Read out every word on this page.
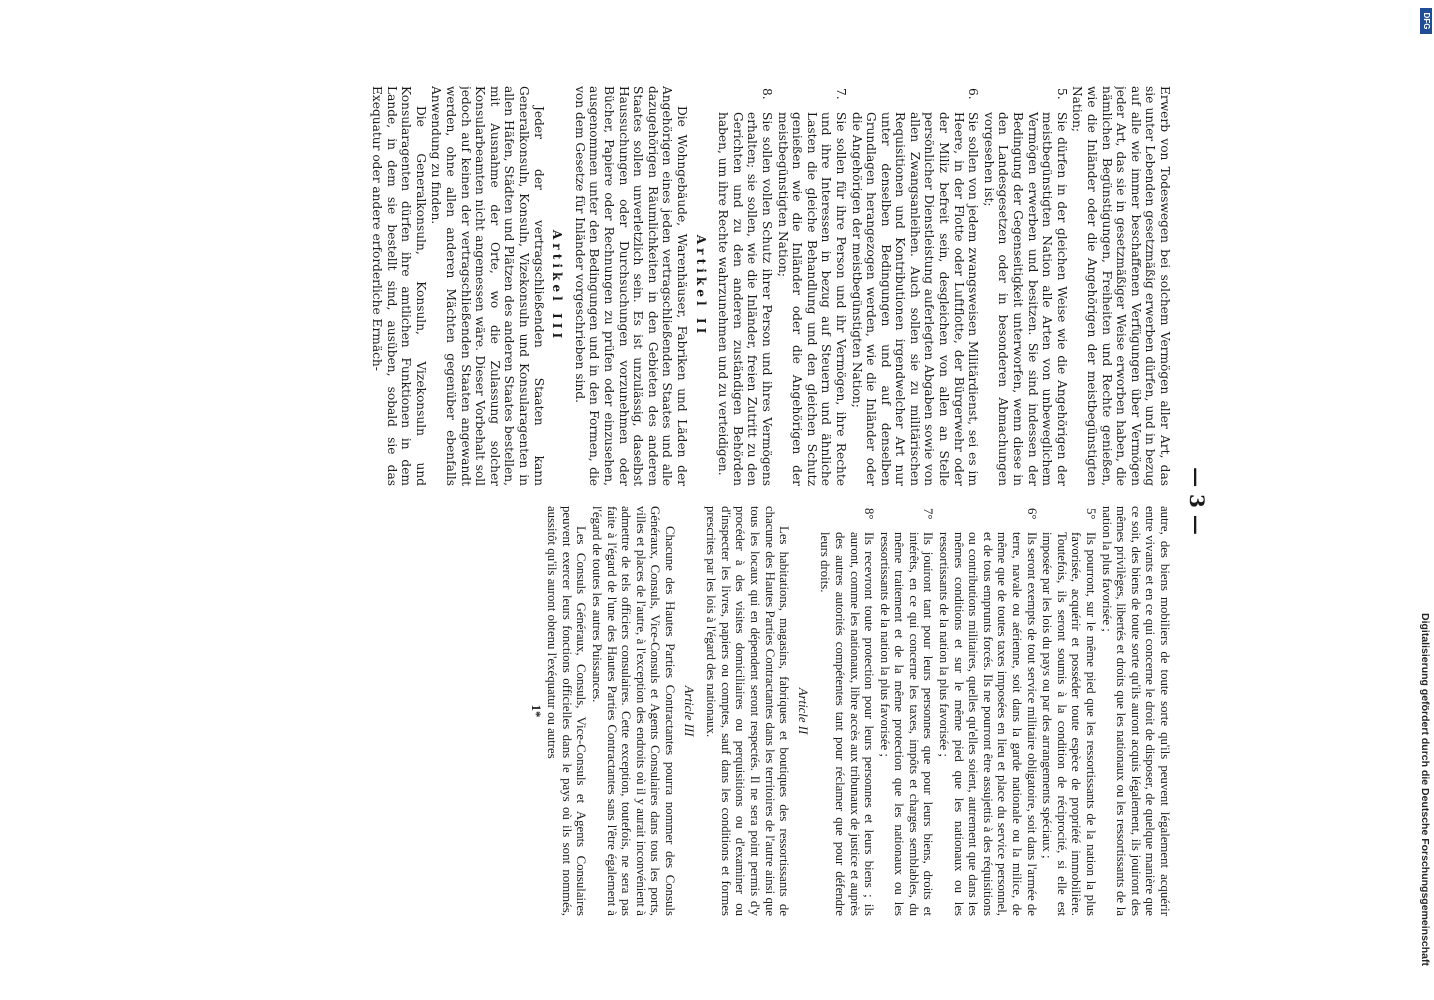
— 3 —

Erwerb von Todeswegen bei solchem Vermögen aller Art, das sie unter Lebenden gesetzmäßig erwerben dürfen, und in bezug auf alle wie immer beschaffenen Verfügungen über Vermögen jeder Art, das sie in gesetzmäßiger Weise erworben haben, die nämlichen Begünstigungen, Freiheiten und Rechte genießen, wie die Inländer oder die Angehörigen der meistbegünstigten Nation;

5.
Sie dürfen in der gleichen Weise wie die Angehörigen der meistbegünstigten Nation alle Arten von unbeweglichem Vermögen erwerben und besitzen. Sie sind indessen der Bedingung der Gegenseitigkeit unterworfen, wenn diese in den Landesgesetzen oder in besonderen Abmachungen vorgesehen ist;
6.
Sie sollen von jedem zwangsweisen Militärdienst, sei es im Heere, in der Flotte oder Luftflotte, der Bürgerwehr oder der Miliz befreit sein, desgleichen von allen an Stelle persönlicher Dienstleistung auferlegten Abgaben sowie von allen Zwangsanleihen. Auch sollen sie zu militärischen Requisitionen und Kontributionen irgendwelcher Art nur unter denselben Bedingungen und auf denselben Grundlagen herangezogen werden, wie die Inländer oder die Angehörigen der meistbegünstigten Nation;
7.
Sie sollen für ihre Person und ihr Vermögen, ihre Rechte und ihre Interessen in bezug auf Steuern und ähnliche Lasten die gleiche Behandlung und den gleichen Schutz genießen wie die Inländer oder die Angehörigen der meistbegünstigten Nation;
8.
Sie sollen vollen Schutz ihrer Person und ihres Vermögens erhalten; sie sollen, wie die Inländer, freien Zutritt zu den Gerichten und zu den anderen zuständigen Behörden haben, um ihre Rechte wahrzunehmen und zu verteidigen.
Artikel II

Die Wohngebäude, Warenhäuser, Fabriken und Läden der Angehörigen eines jeden vertragschließenden Staates und alle dazugehörigen Räumlichkeiten in den Gebieten des anderen Staates sollen unverletzlich sein. Es ist unzulässig, daselbst Haussuchungen oder Durchsuchungen vorzunehmen oder Bücher, Papiere oder Rechnungen zu prüfen oder einzusehen, ausgenommen unter den Bedingungen und in den Formen, die von dem Gesetze für Inländer vorgeschrieben sind.

Artikel III

Jeder der vertragschließenden Staaten kann Generalkonsuln, Konsuln, Vizekonsuln und Konsularagenten in allen Häfen, Städten und Plätzen des anderen Staates bestellen, mit Ausnahme der Orte, wo die Zulassung solcher Konsularbeamten nicht angemessen wäre. Dieser Vorbehalt soll jedoch auf keinen der vertragschließenden Staaten angewandt werden, ohne allen anderen Mächten gegenüber ebenfalls Anwendung zu finden.

Die Generalkonsuln, Konsuln, Vizekonsuln und Konsularagenten dürfen ihre amtlichen Funktionen in dem Lande, in dem sie bestellt sind, ausüben, sobald sie das Exequatur oder andere erforderliche Ermäch-

autre, des biens mobiliers de toute sorte qu'ils peuvent légalement acquérir entre vivants et en ce qui concerne le droit de disposer, de quelque manière que ce soit, des biens de toute sorte qu'ils auront acquis légalement, ils jouiront des mêmes privilèges, libertés et droits que les nationaux ou les ressortissants de la nation la plus favorisée ;

5°
Ils pourront, sur le même pied que les ressortissants de la nation la plus favorisée, acquérir et posséder toute espèce de propriété immobilière. Toutefois, ils seront soumis à la condition de réciprocité, si elle est imposée par les lois du pays ou par des arrangements spéciaux ;
6°
Ils seront exempts de tout service militaire obligatoire, soit dans l'armée de terre, navale ou aérienne, soit dans la garde nationale ou la milice, de même que de toutes taxes imposées en lieu et place du service personnel, et de tous emprunts forcés. Ils ne pourront être assujettis à des réquisitions ou contributions militaires, quelles qu'elles soient, autrement que dans les mêmes conditions et sur le même pied que les nationaux ou les ressortissants de la nation la plus favorisée ;
7°
Ils jouiront tant pour leurs personnes que pour leurs biens, droits et intérêts, en ce qui concerne les taxes, impôts et charges semblables, du même traitement et de la même protection que les nationaux ou les ressortissants de la nation la plus favorisée ;
8°
Ils recevront toute protection pour leurs personnes et leurs biens ; ils auront, comme les nationaux, libre accès aux tribunaux de justice et auprès des autres autorités compétentes tant pour réclamer que pour défendre leurs droits.
Article II

Les habitations, magasins, fabriques et boutiques des ressortissants de chacune des Hautes Parties Contractantes dans les territoires de l'autre ainsi que tous les locaux qui en dépendent seront respectés. Il ne sera point permis d'y procéder à des visites domiciliaires ou perquisitions ou d'examiner ou d'inspecter les livres, papiers ou comptes, sauf dans les conditions et formes prescrites par les lois à l'égard des nationaux.

Article III

Chacune des Hautes Parties Contractantes pourra nommer des Consuls Généraux, Consuls, Vice-Consuls et Agents Consulaires dans tous les ports, villes et places de l'autre, à l'exception des endroits où il y aurait inconvénient à admettre de tels officiers consulaires. Cette exception, toutefois, ne sera pas faite à l'égard de l'une des Hautes Parties Contractantes sans l'être également à l'égard de toutes les autres Puissances.

Les Consuls Généraux, Consuls, Vice-Consuls et Agents Consulaires peuvent exercer leurs fonctions officielles dans le pays où ils sont nommés, aussitôt qu'ils auront obtenu l'exéquatur ou autres

1*
DFG
Digitalisierung gefördert durch die Deutsche Forschungsgemeinschaft
